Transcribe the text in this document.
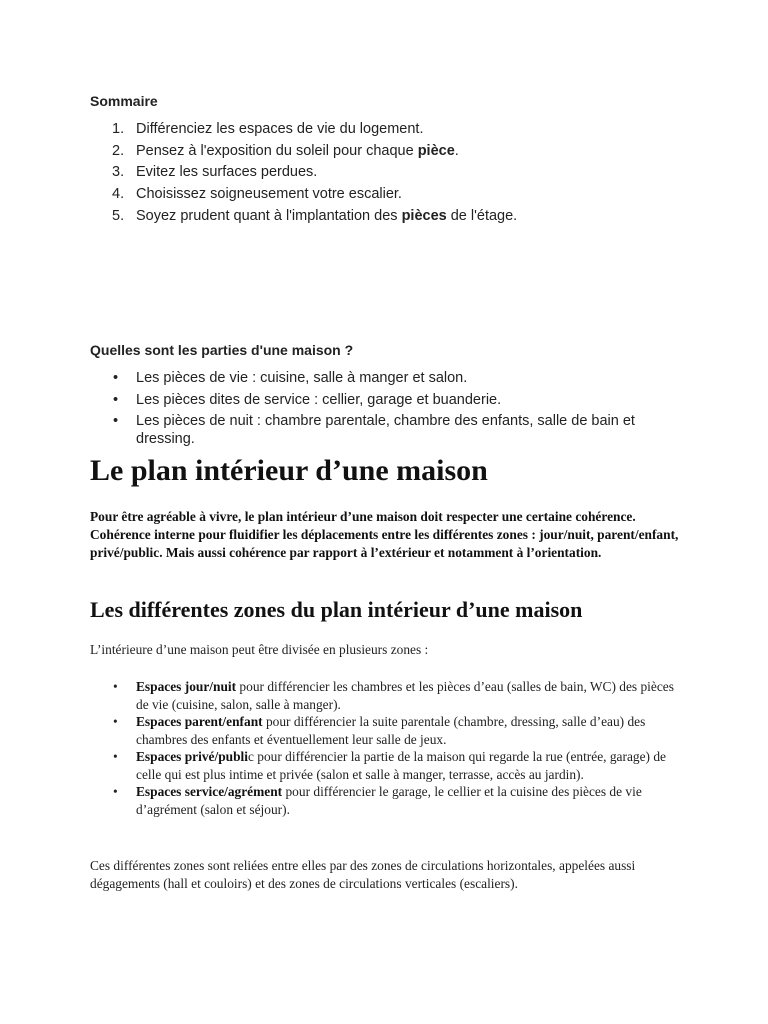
Sommaire
1. Différenciez les espaces de vie du logement.
2. Pensez à l'exposition du soleil pour chaque pièce.
3. Evitez les surfaces perdues.
4. Choisissez soigneusement votre escalier.
5. Soyez prudent quant à l'implantation des pièces de l'étage.
Quelles sont les parties d'une maison ?
• Les pièces de vie : cuisine, salle à manger et salon.
• Les pièces dites de service : cellier, garage et buanderie.
• Les pièces de nuit : chambre parentale, chambre des enfants, salle de bain et dressing.
Le plan intérieur d’une maison

Pour être agréable à vivre, le plan intérieur d’une maison doit respecter une certaine cohérence. Cohérence interne pour fluidifier les déplacements entre les différentes zones : jour/nuit, parent/enfant, privé/public. Mais aussi cohérence par rapport à l’extérieur et notamment à l’orientation.

Les différentes zones du plan intérieur d’une maison

L’intérieure d’une maison peut être divisée en plusieurs zones :

• Espaces jour/nuit pour différencier les chambres et les pièces d’eau (salles de bain, WC) des pièces de vie (cuisine, salon, salle à manger).
• Espaces parent/enfant pour différencier la suite parentale (chambre, dressing, salle d’eau) des chambres des enfants et éventuellement leur salle de jeux.
• Espaces privé/public pour différencier la partie de la maison qui regarde la rue (entrée, garage) de celle qui est plus intime et privée (salon et salle à manger, terrasse, accès au jardin).
• Espaces service/agrément pour différencier le garage, le cellier et la cuisine des pièces de vie d’agrément (salon et séjour).

Ces différentes zones sont reliées entre elles par des zones de circulations horizontales, appelées aussi dégagements (hall et couloirs) et des zones de circulations verticales (escaliers).
